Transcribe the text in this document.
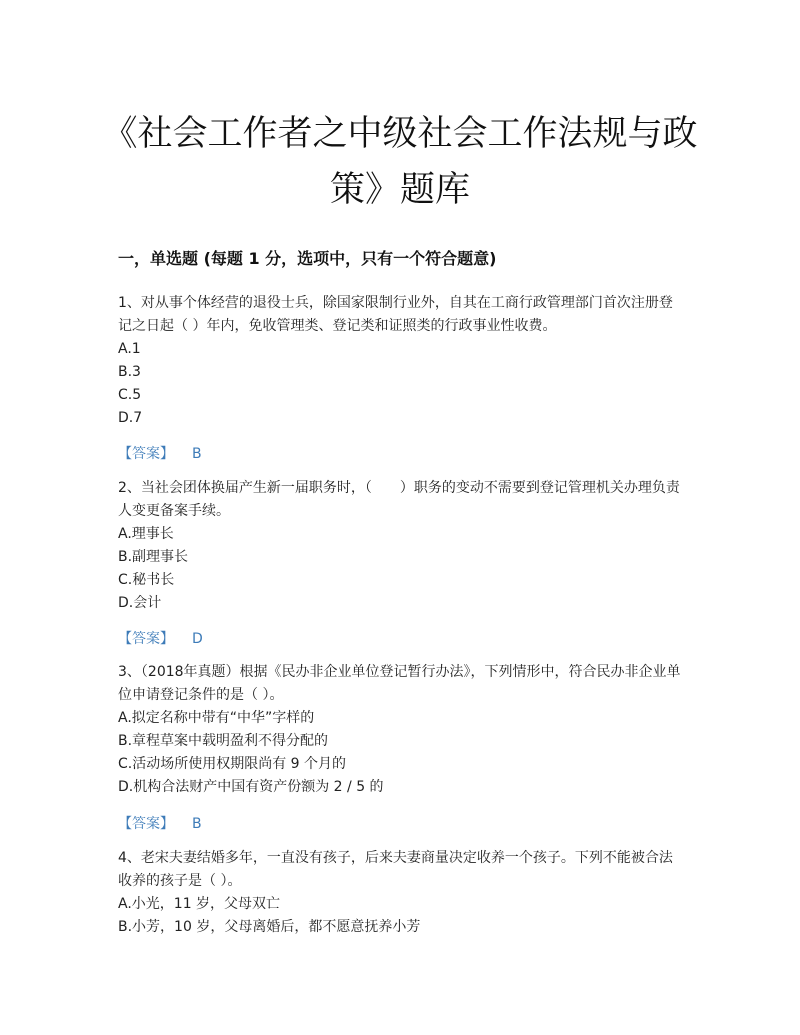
《社会工作者之中级社会工作法规与政策》题库
一，单选题 (每题 1 分，选项中，只有一个符合题意)

1、对从事个体经营的退役士兵，除国家限制行业外，自其在工商行政管理部门首次注册登记之日起（ ）年内，免收管理类、登记类和证照类的行政事业性收费。

A.1
B.3
C.5
D.7
【答案】 B

2、当社会团体换届产生新一届职务时，（　　）职务的变动不需要到登记管理机关办理负责人变更备案手续。

A.理事长
B.副理事长
C.秘书长
D.会计
【答案】 D

3、（2018年真题）根据《民办非企业单位登记暂行办法》，下列情形中，符合民办非企业单位申请登记条件的是（ ）。

A.拟定名称中带有“中华”字样的
B.章程草案中载明盈利不得分配的
C.活动场所使用权期限尚有 9 个月的
D.机构合法财产中国有资产份额为 2 / 5 的
【答案】 B

4、老宋夫妻结婚多年，一直没有孩子，后来夫妻商量决定收养一个孩子。下列不能被合法收养的孩子是（ ）。

A.小光，11 岁，父母双亡
B.小芳，10 岁，父母离婚后，都不愿意抚养小芳
